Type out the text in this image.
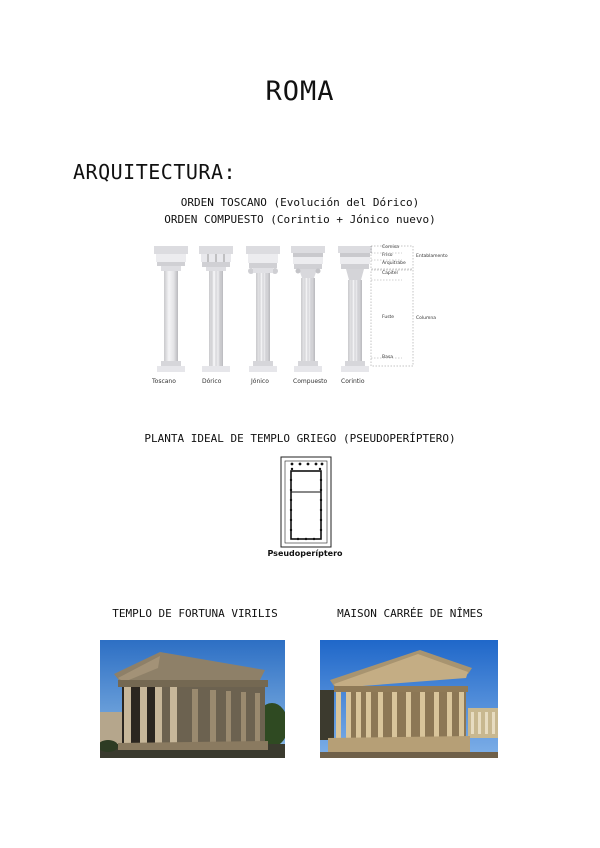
ROMA
ARQUITECTURA:
ORDEN TOSCANO (Evolución del Dórico)
ORDEN COMPUESTO (Corintio + Jónico nuevo)
Cornisa
Friso
Arquitrabe
Capitel
Fuste
Basa
Entablamento
Columna
Toscano	Dórico	Jónico	Compuesto Corintio
PLANTA IDEAL DE TEMPLO GRIEGO (PSEUDOPERÍPTERO)
Pseudoperíptero
TEMPLO DE FORTUNA VIRILIS	MAISON CARRÉE DE NÎMES
